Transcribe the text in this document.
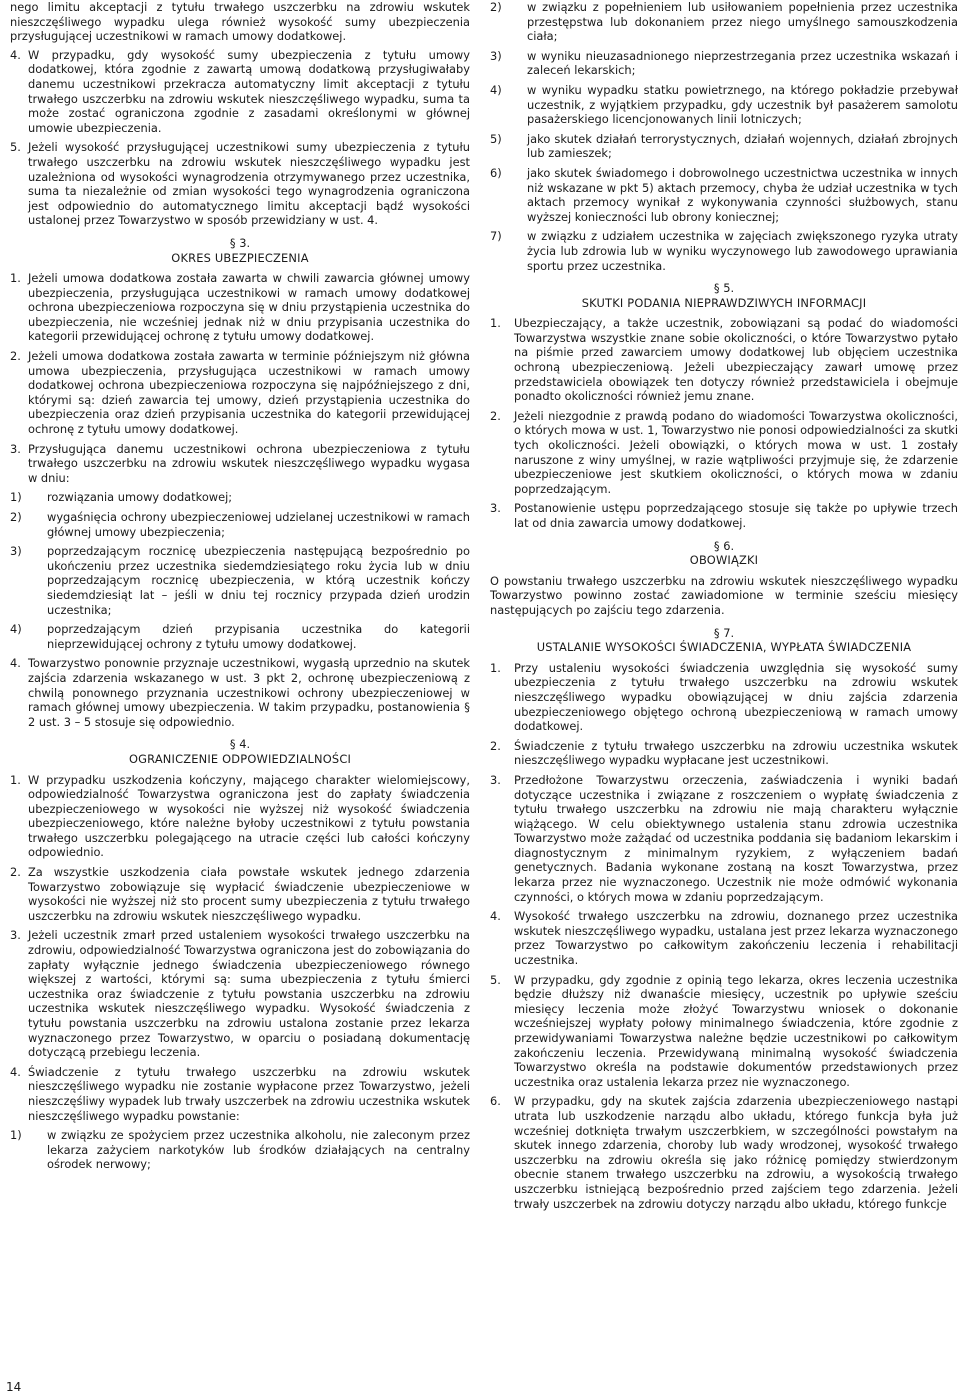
nego limitu akceptacji z tytułu trwałego uszczerbku na zdrowiu wskutek nieszczęśliwego wypadku ulega również wysokość sumy ubezpieczenia przysługującej uczestnikowi w ramach umowy dodatkowej.

4. W przypadku, gdy wysokość sumy ubezpieczenia z tytułu umowy dodatkowej, która zgodnie z zawartą umową dodatkową przysługiwałaby danemu uczestnikowi przekracza automatyczny limit akceptacji z tytułu trwałego uszczerbku na zdrowiu wskutek nieszczęśliwego wypadku, suma ta może zostać ograniczona zgodnie z zasadami określonymi w głównej umowie ubezpieczenia.

5. Jeżeli wysokość przysługującej uczestnikowi sumy ubezpieczenia z tytułu trwałego uszczerbku na zdrowiu wskutek nieszczęśliwego wypadku jest uzależniona od wysokości wynagrodzenia otrzymywanego przez uczestnika, suma ta niezależnie od zmian wysokości tego wynagrodzenia ograniczona jest odpowiednio do automatycznego limitu akceptacji bądź wysokości ustalonej przez Towarzystwo w sposób przewidziany w ust. 4.

§ 3.
OKRES UBEZPIECZENIA

1. Jeżeli umowa dodatkowa została zawarta w chwili zawarcia głównej umowy ubezpieczenia, przysługująca uczestnikowi w ramach umowy dodatkowej ochrona ubezpieczeniowa rozpoczyna się w dniu przystąpienia uczestnika do ubezpieczenia, nie wcześniej jednak niż w dniu przypisania uczestnika do kategorii przewidującej ochronę z tytułu umowy dodatkowej.

2. Jeżeli umowa dodatkowa została zawarta w terminie późniejszym niż główna umowa ubezpieczenia, przysługująca uczestnikowi w ramach umowy dodatkowej ochrona ubezpieczeniowa rozpoczyna się najpóźniejszego z dni, którymi są: dzień zawarcia tej umowy, dzień przystąpienia uczestnika do ubezpieczenia oraz dzień przypisania uczestnika do kategorii przewidującej ochronę z tytułu umowy dodatkowej.

3. Przysługująca danemu uczestnikowi ochrona ubezpieczeniowa z tytułu trwałego uszczerbku na zdrowiu wskutek nieszczęśliwego wypadku wygasa w dniu:

1) rozwiązania umowy dodatkowej;

2) wygaśnięcia ochrony ubezpieczeniowej udzielanej uczestnikowi w ramach głównej umowy ubezpieczenia;

3) poprzedzającym rocznicę ubezpieczenia następującą bezpośrednio po ukończeniu przez uczestnika siedemdziesiątego roku życia lub w dniu poprzedzającym rocznicę ubezpieczenia, w którą uczestnik kończy siedemdziesiąt lat – jeśli w dniu tej rocznicy przypada dzień urodzin uczestnika;

4) poprzedzającym dzień przypisania uczestnika do kategorii nieprzewidującej ochrony z tytułu umowy dodatkowej.

4. Towarzystwo ponownie przyznaje uczestnikowi, wygasłą uprzednio na skutek zajścia zdarzenia wskazanego w ust. 3 pkt 2, ochronę ubezpieczeniową z chwilą ponownego przyznania uczestnikowi ochrony ubezpieczeniowej w ramach głównej umowy ubezpieczenia. W takim przypadku, postanowienia § 2 ust. 3 – 5 stosuje się odpowiednio.

§ 4.
OGRANICZENIE ODPOWIEDZIALNOŚCI

1. W przypadku uszkodzenia kończyny, mającego charakter wielomiejscowy, odpowiedzialność Towarzystwa ograniczona jest do zapłaty świadczenia ubezpieczeniowego w wysokości nie wyższej niż wysokość świadczenia ubezpieczeniowego, które należne byłoby uczestnikowi z tytułu powstania trwałego uszczerbku polegającego na utracie części lub całości kończyny odpowiednio.

2. Za wszystkie uszkodzenia ciała powstałe wskutek jednego zdarzenia Towarzystwo zobowiązuje się wypłacić świadczenie ubezpieczeniowe w wysokości nie wyższej niż sto procent sumy ubezpieczenia z tytułu trwałego uszczerbku na zdrowiu wskutek nieszczęśliwego wypadku.

3. Jeżeli uczestnik zmarł przed ustaleniem wysokości trwałego uszczerbku na zdrowiu, odpowiedzialność Towarzystwa ograniczona jest do zobowiązania do zapłaty wyłącznie jednego świadczenia ubezpieczeniowego równego większej z wartości, którymi są: suma ubezpieczenia z tytułu śmierci uczestnika oraz świadczenie z tytułu powstania uszczerbku na zdrowiu uczestnika wskutek nieszczęśliwego wypadku. Wysokość świadczenia z tytułu powstania uszczerbku na zdrowiu ustalona zostanie przez lekarza wyznaczonego przez Towarzystwo, w oparciu o posiadaną dokumentację dotyczącą przebiegu leczenia.

4. Świadczenie z tytułu trwałego uszczerbku na zdrowiu wskutek nieszczęśliwego wypadku nie zostanie wypłacone przez Towarzystwo, jeżeli nieszczęśliwy wypadek lub trwały uszczerbek na zdrowiu uczestnika wskutek nieszczęśliwego wypadku powstanie:

1) w związku ze spożyciem przez uczestnika alkoholu, nie zaleconym przez lekarza zażyciem narkotyków lub środków działających na centralny ośrodek nerwowy;

2) w związku z popełnieniem lub usiłowaniem popełnienia przez uczestnika przestępstwa lub dokonaniem przez niego umyślnego samouszkodzenia ciała;

3) w wyniku nieuzasadnionego nieprzestrzegania przez uczestnika wskazań i zaleceń lekarskich;

4) w wyniku wypadku statku powietrznego, na którego pokładzie przebywał uczestnik, z wyjątkiem przypadku, gdy uczestnik był pasażerem samolotu pasażerskiego licencjonowanych linii lotniczych;

5) jako skutek działań terrorystycznych, działań wojennych, działań zbrojnych lub zamieszek;

6) jako skutek świadomego i dobrowolnego uczestnictwa uczestnika w innych niż wskazane w pkt 5) aktach przemocy, chyba że udział uczestnika w tych aktach przemocy wynikał z wykonywania czynności służbowych, stanu wyższej konieczności lub obrony koniecznej;

7) w związku z udziałem uczestnika w zajęciach zwiększonego ryzyka utraty życia lub zdrowia lub w wyniku wyczynowego lub zawodowego uprawiania sportu przez uczestnika.

§ 5.
SKUTKI PODANIA NIEPRAWDZIWYCH INFORMACJI

1. Ubezpieczający, a także uczestnik, zobowiązani są podać do wiadomości Towarzystwa wszystkie znane sobie okoliczności, o które Towarzystwo pytało na piśmie przed zawarciem umowy dodatkowej lub objęciem uczestnika ochroną ubezpieczeniową. Jeżeli ubezpieczający zawarł umowę przez przedstawiciela obowiązek ten dotyczy również przedstawiciela i obejmuje ponadto okoliczności również jemu znane.

2. Jeżeli niezgodnie z prawdą podano do wiadomości Towarzystwa okoliczności, o których mowa w ust. 1, Towarzystwo nie ponosi odpowiedzialności za skutki tych okoliczności. Jeżeli obowiązki, o których mowa w ust. 1 zostały naruszone z winy umyślnej, w razie wątpliwości przyjmuje się, że zdarzenie ubezpieczeniowe jest skutkiem okoliczności, o których mowa w zdaniu poprzedzającym.

3. Postanowienie ustępu poprzedzającego stosuje się także po upływie trzech lat od dnia zawarcia umowy dodatkowej.

§ 6.
OBOWIĄZKI

O powstaniu trwałego uszczerbku na zdrowiu wskutek nieszczęśliwego wypadku Towarzystwo powinno zostać zawiadomione w terminie sześciu miesięcy następujących po zajściu tego zdarzenia.

§ 7.
USTALANIE WYSOKOŚCI ŚWIADCZENIA, WYPŁATA ŚWIADCZENIA

1. Przy ustaleniu wysokości świadczenia uwzględnia się wysokość sumy ubezpieczenia z tytułu trwałego uszczerbku na zdrowiu wskutek nieszczęśliwego wypadku obowiązującej w dniu zajścia zdarzenia ubezpieczeniowego objętego ochroną ubezpieczeniową w ramach umowy dodatkowej.

2. Świadczenie z tytułu trwałego uszczerbku na zdrowiu uczestnika wskutek nieszczęśliwego wypadku wypłacane jest uczestnikowi.

3. Przedłożone Towarzystwu orzeczenia, zaświadczenia i wyniki badań dotyczące uczestnika i związane z roszczeniem o wypłatę świadczenia z tytułu trwałego uszczerbku na zdrowiu nie mają charakteru wyłącznie wiążącego. W celu obiektywnego ustalenia stanu zdrowia uczestnika Towarzystwo może zażądać od uczestnika poddania się badaniom lekarskim i diagnostycznym z minimalnym ryzykiem, z wyłączeniem badań genetycznych. Badania wykonane zostaną na koszt Towarzystwa, przez lekarza przez nie wyznaczonego. Uczestnik nie może odmówić wykonania czynności, o których mowa w zdaniu poprzedzającym.

4. Wysokość trwałego uszczerbku na zdrowiu, doznanego przez uczestnika wskutek nieszczęśliwego wypadku, ustalana jest przez lekarza wyznaczonego przez Towarzystwo po całkowitym zakończeniu leczenia i rehabilitacji uczestnika.

5. W przypadku, gdy zgodnie z opinią tego lekarza, okres leczenia uczestnika będzie dłuższy niż dwanaście miesięcy, uczestnik po upływie sześciu miesięcy leczenia może złożyć Towarzystwu wniosek o dokonanie wcześniejszej wypłaty połowy minimalnego świadczenia, które zgodnie z przewidywaniami Towarzystwa należne będzie uczestnikowi po całkowitym zakończeniu leczenia. Przewidywaną minimalną wysokość świadczenia Towarzystwo określa na podstawie dokumentów przedstawionych przez uczestnika oraz ustalenia lekarza przez nie wyznaczonego.

6. W przypadku, gdy na skutek zajścia zdarzenia ubezpieczeniowego nastąpi utrata lub uszkodzenie narządu albo układu, którego funkcja była już wcześniej dotknięta trwałym uszczerbkiem, w szczególności powstałym na skutek innego zdarzenia, choroby lub wady wrodzonej, wysokość trwałego uszczerbku na zdrowiu określa się jako różnicę pomiędzy stwierdzonym obecnie stanem trwałego uszczerbku na zdrowiu, a wysokością trwałego uszczerbku istniejącą bezpośrednio przed zajściem tego zdarzenia. Jeżeli trwały uszczerbek na zdrowiu dotyczy narządu albo układu, którego funkcje

14
